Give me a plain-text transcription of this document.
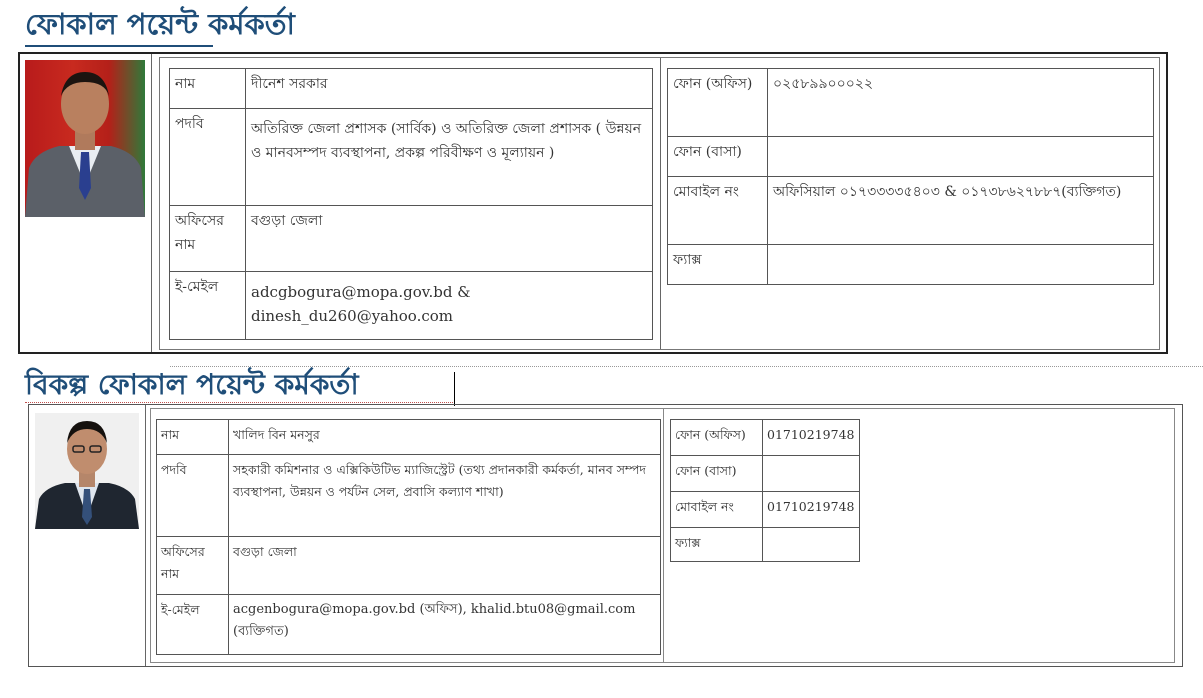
ফোকাল পয়েন্ট কর্মকর্তা
নাম	দীনেশ সরকার
পদবি	অতিরিক্ত জেলা প্রশাসক (সার্বিক) ও অতিরিক্ত জেলা প্রশাসক ( উন্নয়ন ও মানবসম্পদ ব্যবস্থাপনা, প্রকল্প পরিবীক্ষণ ও মূল্যায়ন )
অফিসের নাম	বগুড়া জেলা
ই-মেইল	adcgbogura@mopa.gov.bd & dinesh_du260@yahoo.com
ফোন (অফিস)	০২৫৮৯৯০০০২২
ফোন (বাসা)	
মোবাইল নং	অফিসিয়াল ০১৭৩৩৩৩৫৪০৩ & ০১৭৩৮৬২৭৮৮৭(ব্যক্তিগত)
ফ্যাক্স	
বিকল্প ফোকাল পয়েন্ট কর্মকর্তা
নাম	খালিদ বিন মনসুর
পদবি	সহকারী কমিশনার ও এক্সিকিউটিভ ম্যাজিস্ট্রেট (তথ্য প্রদানকারী কর্মকর্তা, মানব সম্পদ ব্যবস্থাপনা, উন্নয়ন ও পর্যটন সেল, প্রবাসি কল্যাণ শাখা)
অফিসের নাম	বগুড়া জেলা
ই-মেইল	acgenbogura@mopa.gov.bd (অফিস), khalid.btu08@gmail.com (ব্যক্তিগত)
ফোন (অফিস)	01710219748
ফোন (বাসা)	
মোবাইল নং	01710219748
ফ্যাক্স	
